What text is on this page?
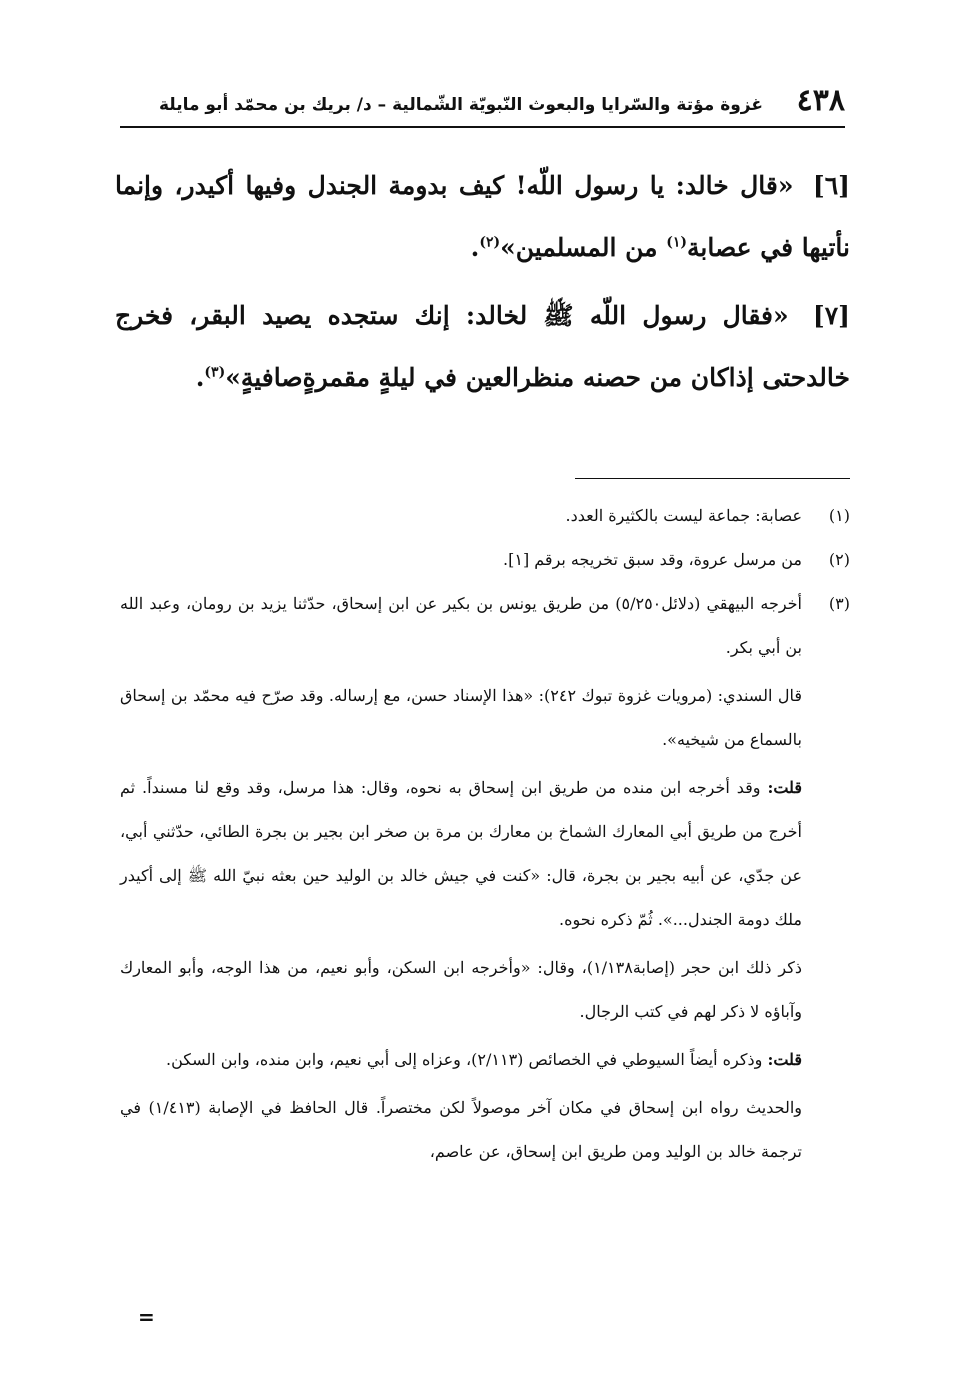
٤٣٨
غزوة مؤتة والسّرايا والبعوث النّبويّة الشّمالية – د/ بريك بن محمّد أبو مايلة

[٦] «قال خالد: يا رسول اللّه! كيف بدومة الجندل وفيها أكيدر، وإنما نأتيها في عصابة$^{(١)}$ من المسلمين»$^{(٢)}$.

[٧] «فقال رسول اللّه ﷺ لخالد: إنك ستجده يصيد البقر، فخرج خالدحتى إذاكان من حصنه منظرالعين في ليلةٍ مقمرةٍصافيةٍ»$^{(٣)}$.

(١)
عصابة: جماعة ليست بالكثيرة العدد.
(٢)
من مرسل عروة، وقد سبق تخريجه برقم [١].
(٣)
أخرجه البيهقي (دلائل٥/٢٥٠) من طريق يونس بن بكير عن ابن إسحاق، حدّثنا يزيد بن رومان، وعبد الله بن أبي بكر.
قال السندي: (مرويات غزوة تبوك ٢٤٢): «هذا الإسناد حسن، مع إرساله. وقد صرّح فيه محمّد بن إسحاق بالسماع من شيخيه».
قلت: وقد أخرجه ابن منده من طريق ابن إسحاق به نحوه، وقال: هذا مرسل، وقد وقع لنا مسنداً. ثم أخرج من طريق أبي المعارك الشماخ بن معارك بن مرة بن صخر ابن بجير بن بجرة الطائي، حدّثني أبي، عن جدّي، عن أبيه بجير بن بجرة، قال: «كنت في جيش خالد بن الوليد حين بعثه نبيّ الله ﷺ إلى أكيدر ملك دومة الجندل...». ثُمّ ذكره نحوه.
ذكر ذلك ابن حجر (إصابة١/١٣٨)، وقال: «وأخرجه ابن السكن، وأبو نعيم، من هذا الوجه، وأبو المعارك وآباؤه لا ذكر لهم في كتب الرجال.
قلت: وذكره أيضاً السيوطي في الخصائص (٢/١١٣)، وعزاه إلى أبي نعيم، وابن منده، وابن السكن.
والحديث رواه ابن إسحاق في مكان آخر موصولاً لكن مختصراً. قال الحافظ في الإصابة (١/٤١٣) في ترجمة خالد بن الوليد ومن طريق ابن إسحاق، عن عاصم،
=
